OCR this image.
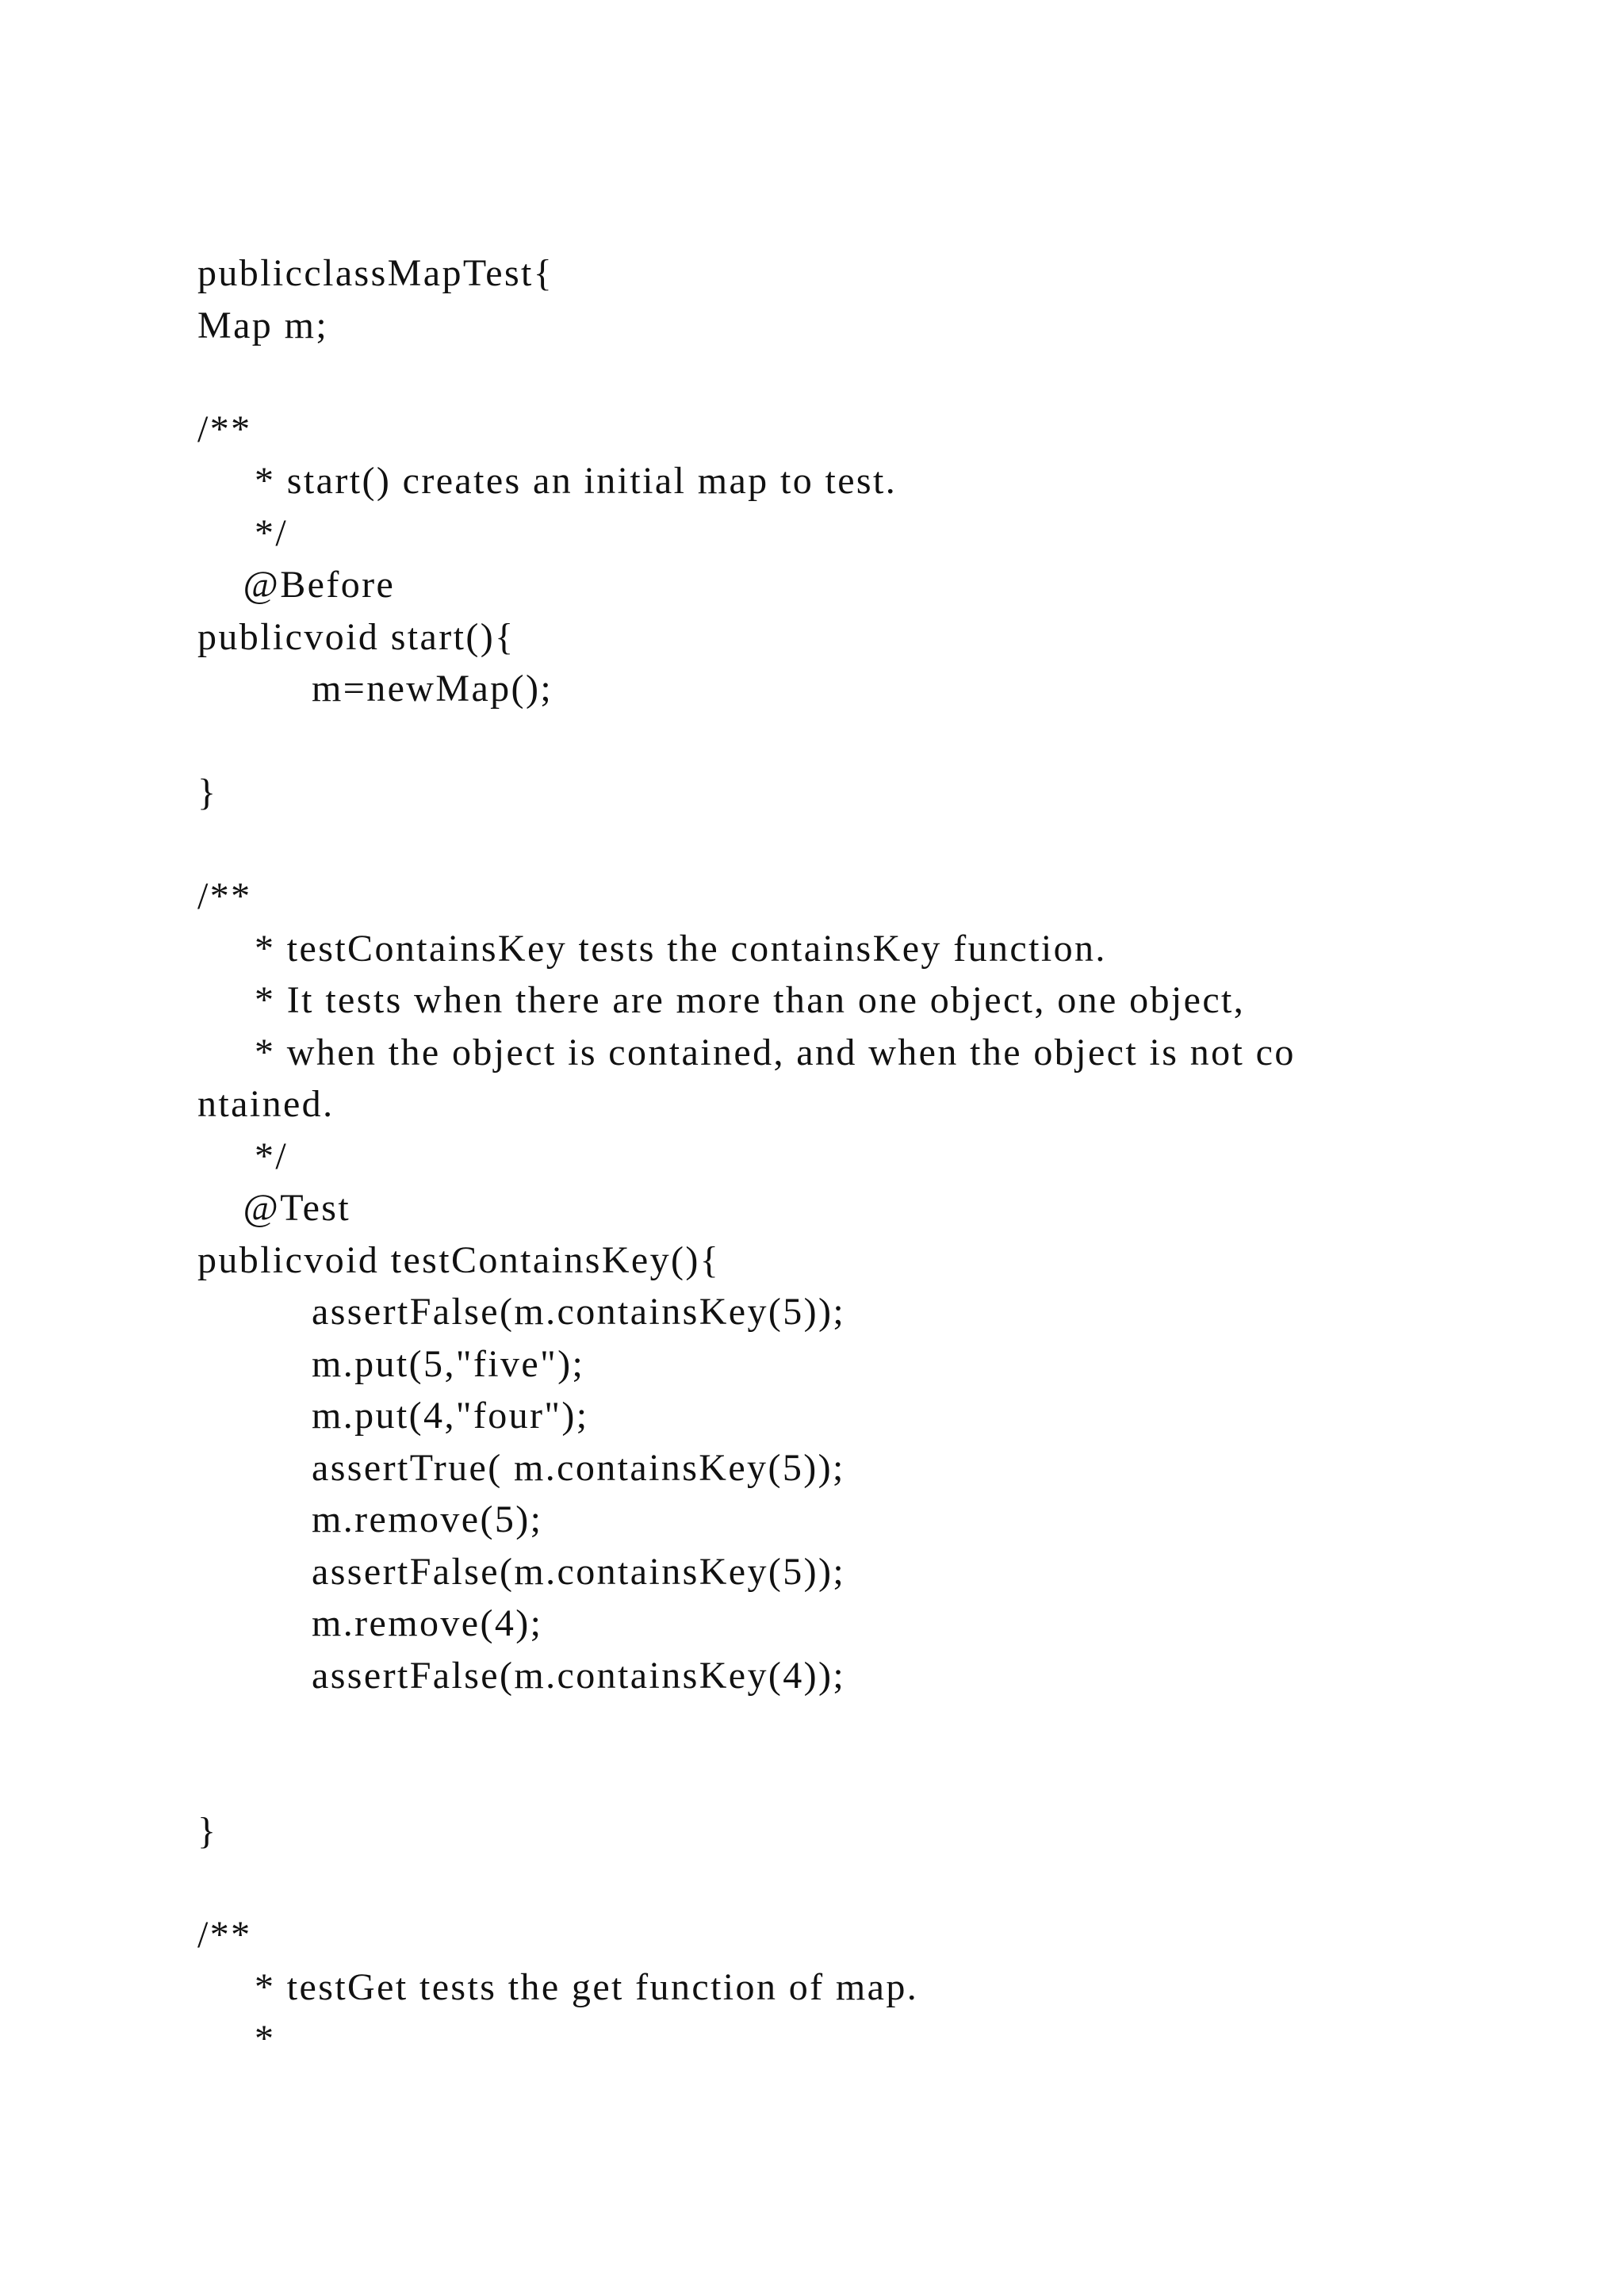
publicclassMapTest{
Map m;
/**
* start() creates an initial map to test.
*/
@Before
publicvoid start(){
m=newMap();
}
/**
* testContainsKey tests the containsKey function.
* It tests when there are more than one object, one object,
* when the object is contained, and when the object is not co
ntained.
*/
@Test
publicvoid testContainsKey(){
assertFalse(m.containsKey(5));
m.put(5,"five");
m.put(4,"four");
assertTrue( m.containsKey(5));
m.remove(5);
assertFalse(m.containsKey(5));
m.remove(4);
assertFalse(m.containsKey(4));
}
/**
* testGet tests the get function of map.
*
